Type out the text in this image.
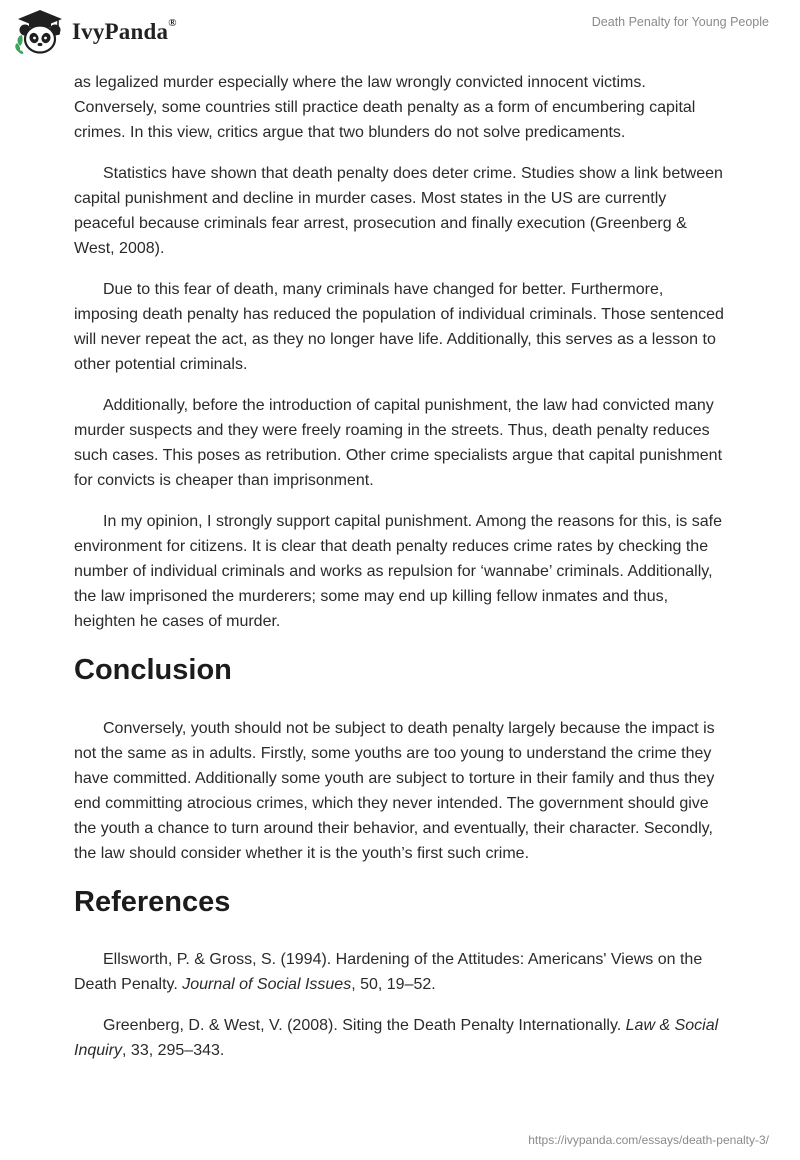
IvyPanda®	Death Penalty for Young People

as legalized murder especially where the law wrongly convicted innocent victims. Conversely, some countries still practice death penalty as a form of encumbering capital crimes. In this view, critics argue that two blunders do not solve predicaments.

Statistics have shown that death penalty does deter crime. Studies show a link between capital punishment and decline in murder cases. Most states in the US are currently peaceful because criminals fear arrest, prosecution and finally execution (Greenberg & West, 2008).

Due to this fear of death, many criminals have changed for better. Furthermore, imposing death penalty has reduced the population of individual criminals. Those sentenced will never repeat the act, as they no longer have life. Additionally, this serves as a lesson to other potential criminals.

Additionally, before the introduction of capital punishment, the law had convicted many murder suspects and they were freely roaming in the streets. Thus, death penalty reduces such cases. This poses as retribution. Other crime specialists argue that capital punishment for convicts is cheaper than imprisonment.

In my opinion, I strongly support capital punishment. Among the reasons for this, is safe environment for citizens. It is clear that death penalty reduces crime rates by checking the number of individual criminals and works as repulsion for ‘wannabe’ criminals. Additionally, the law imprisoned the murderers; some may end up killing fellow inmates and thus, heighten he cases of murder.

Conclusion

Conversely, youth should not be subject to death penalty largely because the impact is not the same as in adults. Firstly, some youths are too young to understand the crime they have committed. Additionally some youth are subject to torture in their family and thus they end committing atrocious crimes, which they never intended. The government should give the youth a chance to turn around their behavior, and eventually, their character. Secondly, the law should consider whether it is the youth’s first such crime.

References

Ellsworth, P. & Gross, S. (1994). Hardening of the Attitudes: Americans' Views on the Death Penalty. Journal of Social Issues, 50, 19–52.

Greenberg, D. & West, V. (2008). Siting the Death Penalty Internationally. Law & Social Inquiry, 33, 295–343.

https://ivypanda.com/essays/death-penalty-3/
